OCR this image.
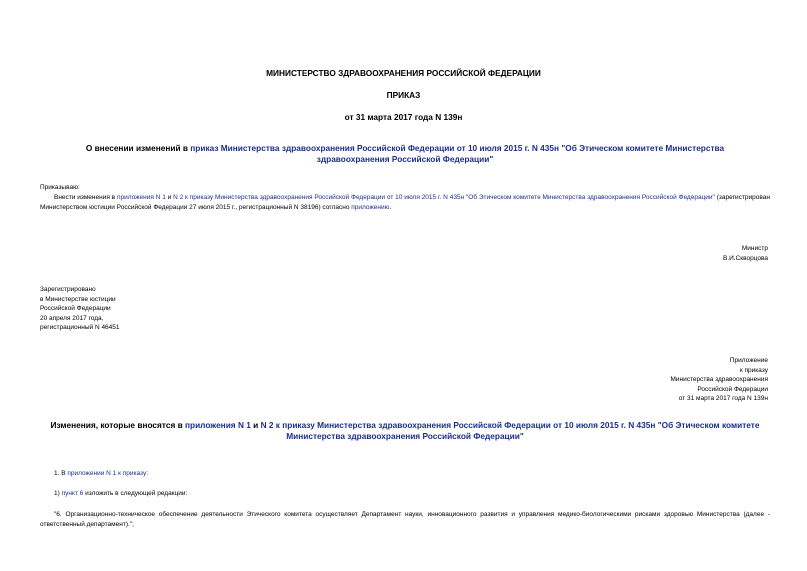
МИНИСТЕРСТВО ЗДРАВООХРАНЕНИЯ РОССИЙСКОЙ ФЕДЕРАЦИИ
ПРИКАЗ
от 31 марта 2017 года N 139н
О внесении изменений в приказ Министерства здравоохранения Российской Федерации от 10 июля 2015 г. N 435н "Об Этическом комитете Министерства здравоохранения Российской Федерации"
Приказываю:
Внести изменения в приложения N 1 и N 2 к приказу Министерства здравоохранения Российской Федерации от 10 июля 2015 г. N 435н "Об Этическом комитете Министерства здравоохранения Российской Федерации" (зарегистрирован Министерством юстиции Российской Федерации 27 июля 2015 г., регистрационный N 38196) согласно приложению.
Министр
В.И.Скворцова
Зарегистрировано
в Министерстве юстиции
Российской Федерации
20 апреля 2017 года,
регистрационный N 46451
Приложение
к приказу
Министерства здравоохранения
Российской Федерации
от 31 марта 2017 года N 139н
Изменения, которые вносятся в приложения N 1 и N 2 к приказу Министерства здравоохранения Российской Федерации от 10 июля 2015 г. N 435н "Об Этическом комитете Министерства здравоохранения Российской Федерации"
1. В приложении N 1 к приказу:
1) пункт 6 изложить в следующей редакции:
"6. Организационно-техническое обеспечение деятельности Этического комитета осуществляет Департамент науки, инновационного развития и управления медико-биологическими рисками здоровью Министерства (далее - ответственный департамент).";
